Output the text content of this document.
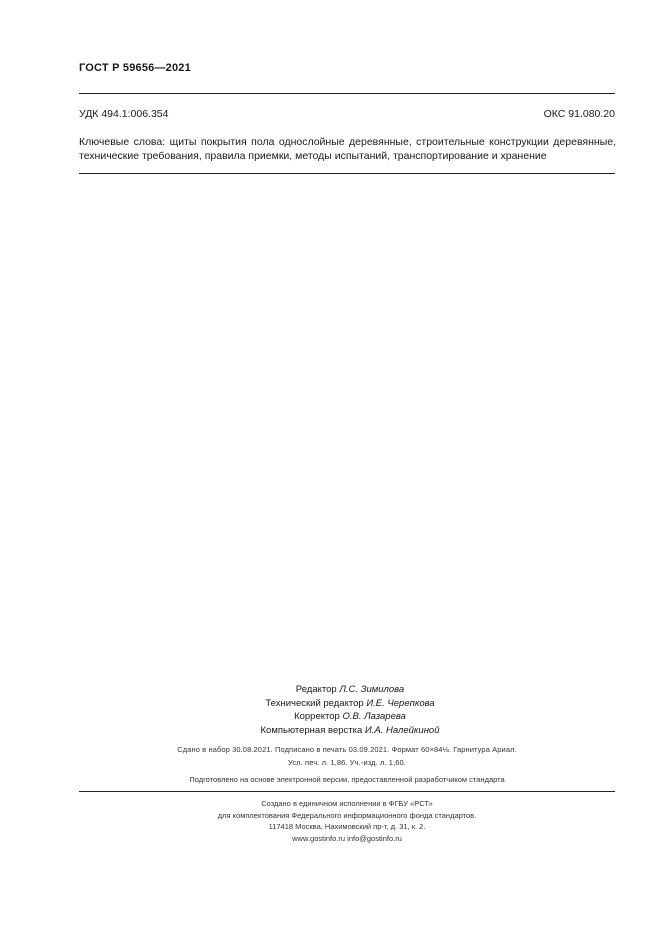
ГОСТ Р 59656—2021
УДК 494.1:006.354	ОКС 91.080.20
Ключевые слова: щиты покрытия пола однослойные деревянные, строительные конструкции деревянные, технические требования, правила приемки, методы испытаний, транспортирование и хранение
Редактор Л.С. Зимилова
Технический редактор И.Е. Черепкова
Корректор О.В. Лазарева
Компьютерная верстка И.А. Налейкиной
Сдано в набор 30.08.2021. Подписано в печать 03.09.2021. Формат 60×84⅛. Гарнитура Ариал.
Усл. печ. л. 1,86. Уч.-изд. л. 1,60.
Подготовлено на основе электронной версии, предоставленной разработчиком стандарта
Создано в единичном исполнении в ФГБУ «РСТ»
для комплектования Федерального информационного фонда стандартов.
117418 Москва, Нахимовский пр-т, д. 31, к. 2.
www.gostinfo.ru info@gostinfo.ru
